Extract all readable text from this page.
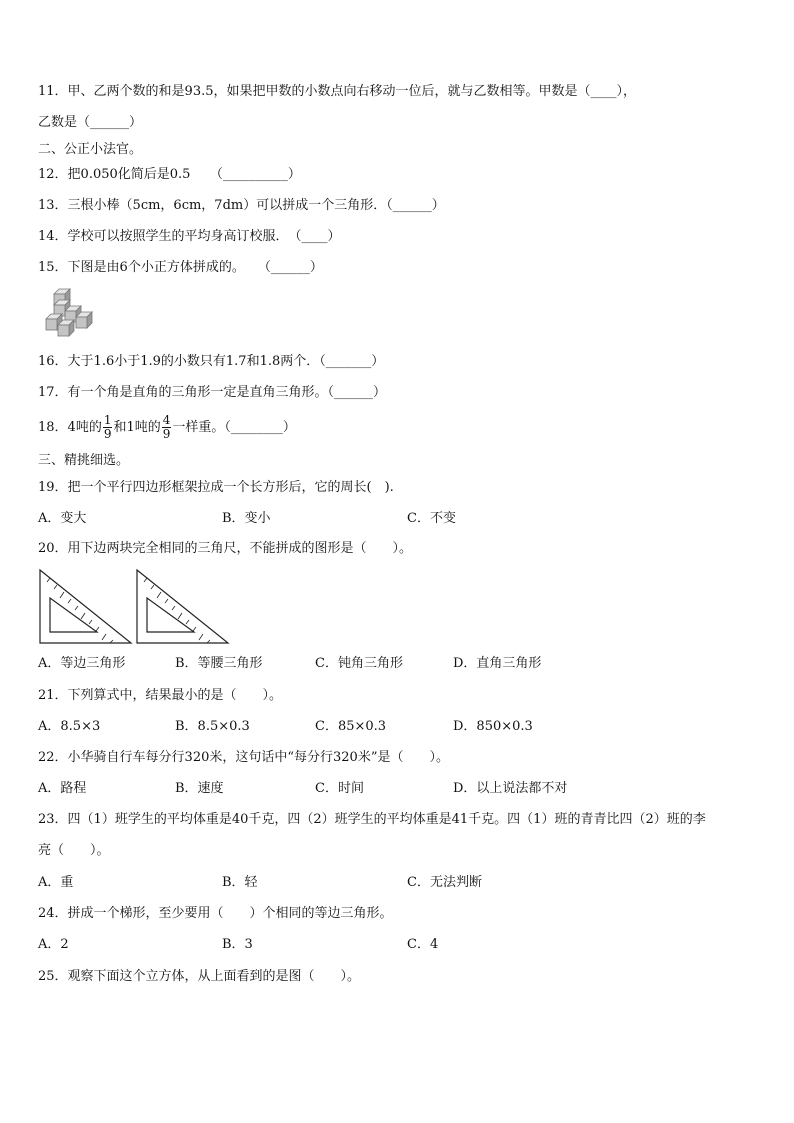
11．甲、乙两个数的和是93.5，如果把甲数的小数点向右移动一位后，就与乙数相等。甲数是（____），
乙数是（______）
二、公正小法官。
12．把0.050化简后是0.5　　（__________）
13．三根小棒（5cm，6cm，7dm）可以拼成一个三角形．（______）
14．学校可以按照学生的平均身高订校服．　（____）
15．下图是由6个小正方体拼成的。　　（______）
16．大于1.6小于1.9的小数只有1.7和1.8两个．（_______）
17．有一个角是直角的三角形一定是直角三角形。（______）
18．4吨的 $\frac{1}{9}$ 和1吨的 $\frac{4}{9}$ 一样重。（________）
三、精挑细选。
19．把一个平行四边形框架拉成一个长方形后，它的周长(　).
A．变大	B．变小	C．不变
20．用下边两块完全相同的三角尺，不能拼成的图形是（　　）。
A．等边三角形	B．等腰三角形	C．钝角三角形	D．直角三角形
21．下列算式中，结果最小的是（　　）。
A．8.5×3	B．8.5×0.3	C．85×0.3	D．850×0.3
22．小华骑自行车每分行320米，这句话中“每分行320米”是（　　）。
A．路程	B．速度	C．时间	D．以上说法都不对
23．四（1）班学生的平均体重是40千克，四（2）班学生的平均体重是41千克。四（1）班的青青比四（2）班的李
亮（　　）。
A．重	B．轻	C．无法判断
24．拼成一个梯形，至少要用（　　）个相同的等边三角形。
A．2	B．3	C．4
25．观察下面这个立方体，从上面看到的是图（　　）。
